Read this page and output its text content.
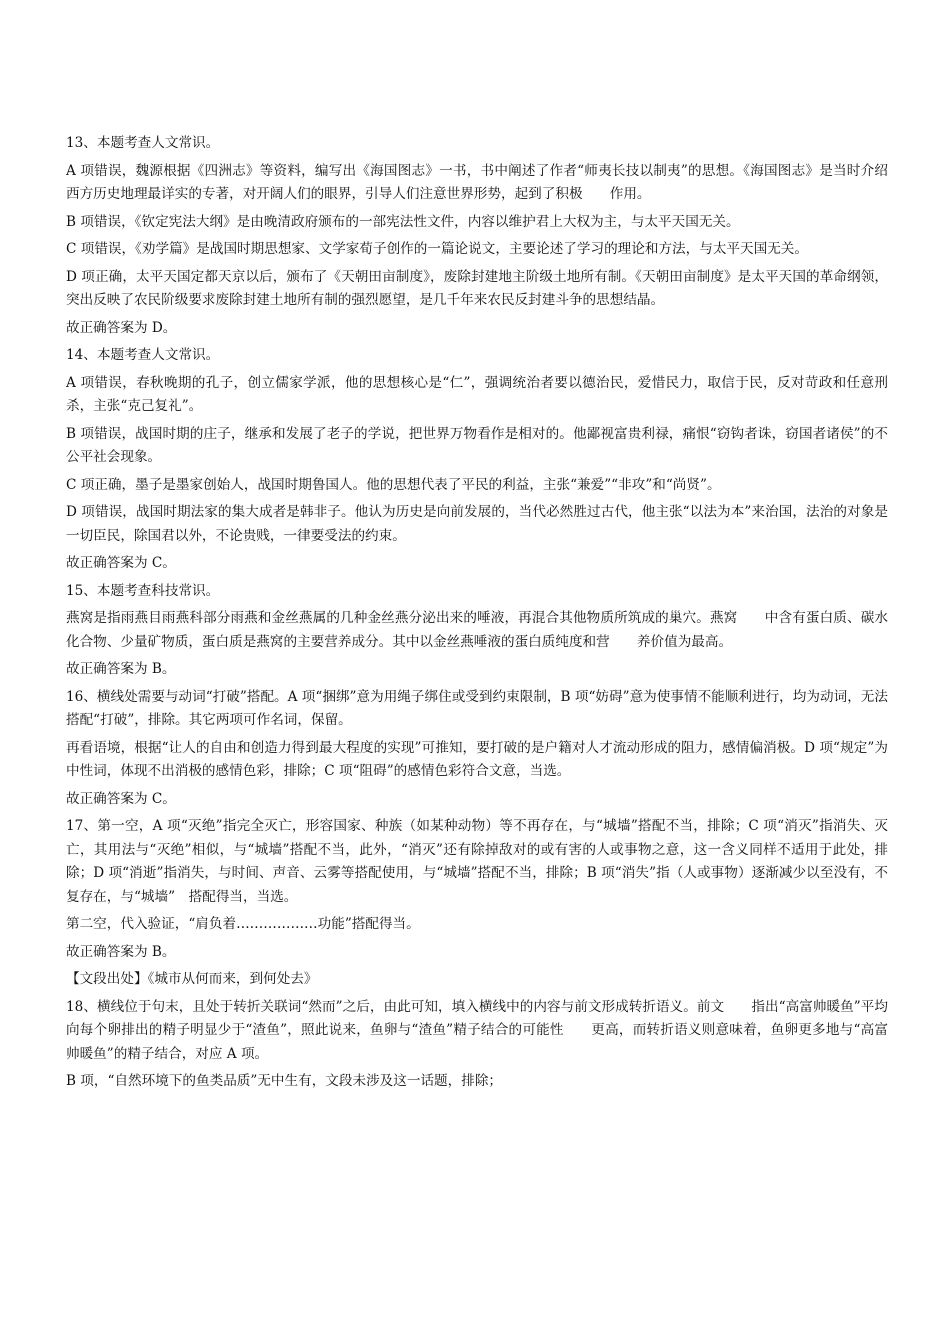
13、本题考查人文常识。

A 项错误，魏源根据《四洲志》等资料，编写出《海国图志》一书，书中阐述了作者“师夷长技以制夷”的思想。《海国图志》是当时介绍西方历史地理最详实的专著，对开阔人们的眼界，引导人们注意世界形势，起到了积极　　作用。

B 项错误，《钦定宪法大纲》是由晚清政府颁布的一部宪法性文件，内容以维护君上大权为主，与太平天国无关。

C 项错误，《劝学篇》是战国时期思想家、文学家荀子创作的一篇论说文，主要论述了学习的理论和方法，与太平天国无关。

D 项正确，太平天国定都天京以后，颁布了《天朝田亩制度》，废除封建地主阶级土地所有制。《天朝田亩制度》是太平天国的革命纲领，突出反映了农民阶级要求废除封建土地所有制的强烈愿望，是几千年来农民反封建斗争的思想结晶。

故正确答案为 D。

14、本题考查人文常识。

A 项错误，春秋晚期的孔子，创立儒家学派，他的思想核心是“仁”，强调统治者要以德治民，爱惜民力，取信于民，反对苛政和任意刑杀，主张“克己复礼”。

B 项错误，战国时期的庄子，继承和发展了老子的学说，把世界万物看作是相对的。他鄙视富贵利禄，痛恨“窃钩者诛，窃国者诸侯”的不公平社会现象。

C 项正确，墨子是墨家创始人，战国时期鲁国人。他的思想代表了平民的利益，主张“兼爱”“非攻”和“尚贤”。

D 项错误，战国时期法家的集大成者是韩非子。他认为历史是向前发展的，当代必然胜过古代，他主张“以法为本”来治国，法治的对象是一切臣民，除国君以外，不论贵贱，一律要受法的约束。

故正确答案为 C。

15、本题考查科技常识。

燕窝是指雨燕目雨燕科部分雨燕和金丝燕属的几种金丝燕分泌出来的唾液，再混合其他物质所筑成的巢穴。燕窝　　中含有蛋白质、碳水化合物、少量矿物质，蛋白质是燕窝的主要营养成分。其中以金丝燕唾液的蛋白质纯度和营　　养价值为最高。

故正确答案为 B。

16、横线处需要与动词“打破”搭配。A 项“捆绑”意为用绳子绑住或受到约束限制，B 项“妨碍”意为使事情不能顺利进行，均为动词，无法搭配“打破”，排除。其它两项可作名词，保留。

再看语境，根据“让人的自由和创造力得到最大程度的实现”可推知，要打破的是户籍对人才流动形成的阻力，感情偏消极。D 项“规定”为中性词，体现不出消极的感情色彩，排除；C 项“阻碍”的感情色彩符合文意，当选。

故正确答案为 C。

17、第一空，A 项“灭绝”指完全灭亡，形容国家、种族（如某种动物）等不再存在，与“城墙”搭配不当，排除；C 项“消灭”指消失、灭亡，其用法与“灭绝”相似，与“城墙”搭配不当，此外，“消灭”还有除掉敌对的或有害的人或事物之意，这一含义同样不适用于此处，排除；D 项“消逝”指消失，与时间、声音、云雾等搭配使用，与“城墙”搭配不当，排除；B 项“消失”指（人或事物）逐渐减少以至没有，不复存在，与“城墙”　搭配得当，当选。

第二空，代入验证，“肩负着………………功能”搭配得当。

故正确答案为 B。

【文段出处】《城市从何而来，到何处去》

18、横线位于句末，且处于转折关联词“然而”之后，由此可知，填入横线中的内容与前文形成转折语义。前文　　指出“高富帅暖鱼”平均向每个卵排出的精子明显少于“渣鱼”，照此说来，鱼卵与“渣鱼”精子结合的可能性　　更高，而转折语义则意味着，鱼卵更多地与“高富帅暖鱼”的精子结合，对应 A 项。

B 项，“自然环境下的鱼类品质”无中生有，文段未涉及这一话题，排除；
